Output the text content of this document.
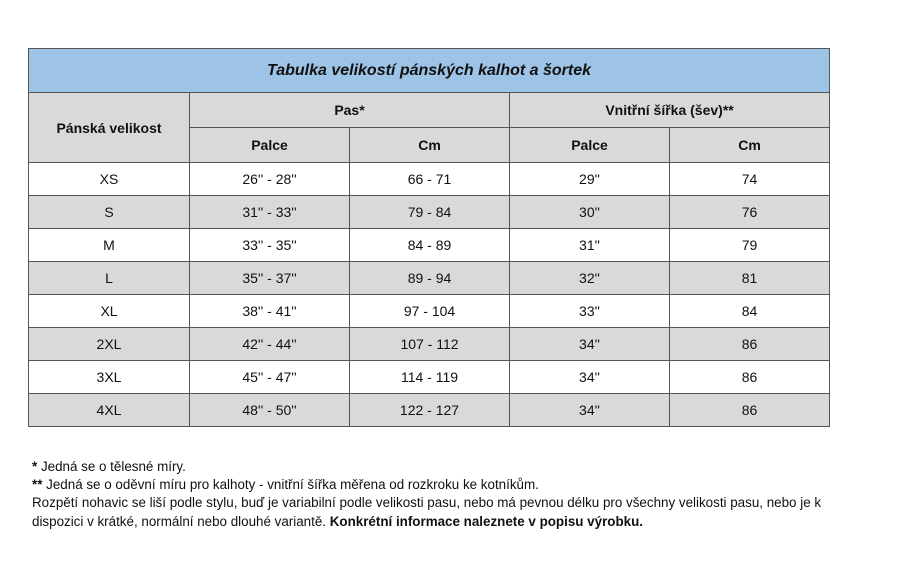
Tabulka velikostí pánských kalhot a šortek				
Pánská velikost	Pas*		Vnitřní šířka (šev)**	
	Palce	Cm	Palce	Cm
XS	26'' - 28''	66 - 71	29''	74
S	31'' - 33''	79 - 84	30''	76
M	33'' - 35''	84 - 89	31''	79
L	35'' - 37''	89 - 94	32''	81
XL	38'' - 41''	97 - 104	33''	84
2XL	42'' - 44''	107 - 112	34''	86
3XL	45'' - 47''	114 - 119	34''	86
4XL	48'' - 50''	122 - 127	34''	86

* Jedná se o tělesné míry.

** Jedná se o oděvní míru pro kalhoty - vnitřní šířka měřena od rozkroku ke kotníkům.

Rozpětí nohavic se liší podle stylu, buď je variabilní podle velikosti pasu, nebo má pevnou délku pro všechny velikosti pasu, nebo je k dispozici v krátké, normální nebo dlouhé variantě. Konkrétní informace naleznete v popisu výrobku.
